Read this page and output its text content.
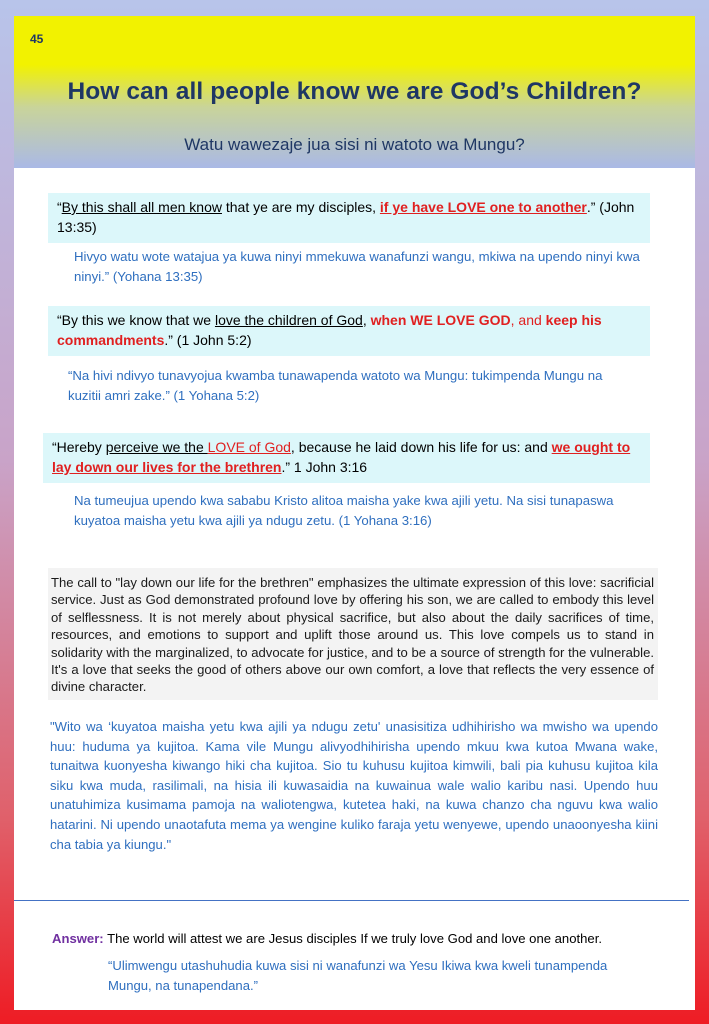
45
How can all people know we are God’s Children?
Watu wawezaje jua sisi ni watoto wa Mungu?
“By this shall all men know that ye are my disciples, if ye have LOVE one to another.” (John 13:35)
Hivyo watu wote watajua ya kuwa ninyi mmekuwa wanafunzi wangu, mkiwa na upendo ninyi kwa ninyi.” (Yohana 13:35)
“By this we know that we love the children of God, when WE LOVE GOD, and keep his commandments.” (1 John 5:2)
“Na hivi ndivyo tunavyojua kwamba tunawapenda watoto wa Mungu: tukimpenda Mungu na kuzitii amri zake.” (1 Yohana 5:2)
“Hereby perceive we the LOVE of God, because he laid down his life for us: and we ought to lay down our lives for the brethren.” 1 John 3:16
Na tumeujua upendo kwa sababu Kristo alitoa maisha yake kwa ajili yetu. Na sisi tunapaswa kuyatoa maisha yetu kwa ajili ya ndugu zetu. (1 Yohana 3:16)
The call to "lay down our life for the brethren" emphasizes the ultimate expression of this love: sacrificial service. Just as God demonstrated profound love by offering his son, we are called to embody this level of selflessness. It is not merely about physical sacrifice, but also about the daily sacrifices of time, resources, and emotions to support and uplift those around us. This love compels us to stand in solidarity with the marginalized, to advocate for justice, and to be a source of strength for the vulnerable. It's a love that seeks the good of others above our own comfort, a love that reflects the very essence of divine character.
"Wito wa ‘kuyatoa maisha yetu kwa ajili ya ndugu zetu' unasisitiza udhihirisho wa mwisho wa upendo huu: huduma ya kujitoa. Kama vile Mungu alivyodhihirisha upendo mkuu kwa kutoa Mwana wake, tunaitwa kuonyesha kiwango hiki cha kujitoa. Sio tu kuhusu kujitoa kimwili, bali pia kuhusu kujitoa kila siku kwa muda, rasilimali, na hisia ili kuwasaidia na kuwainua wale walio karibu nasi. Upendo huu unatuhimiza kusimama pamoja na waliotengwa, kutetea haki, na kuwa chanzo cha nguvu kwa walio hatarini. Ni upendo unaotafuta mema ya wengine kuliko faraja yetu wenyewe, upendo unaoonyesha kiini cha tabia ya kiungu."
Answer: The world will attest we are Jesus disciples If we truly love God and love one another.
“Ulimwengu utashuhudia kuwa sisi ni wanafunzi wa Yesu Ikiwa kwa kweli tunampenda Mungu, na tunapendana.”
